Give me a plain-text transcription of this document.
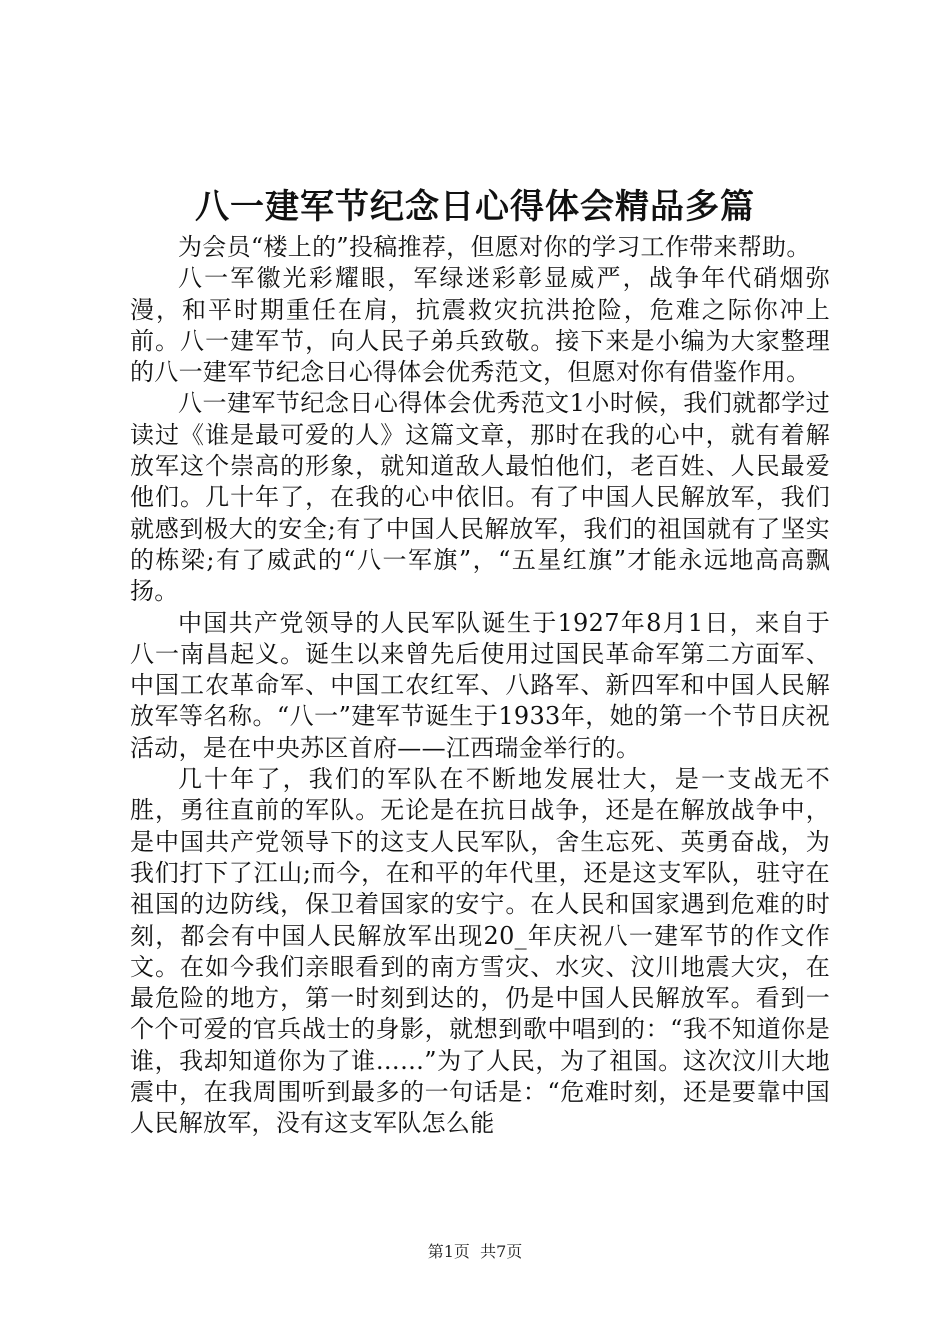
八一建军节纪念日心得体会精品多篇

为会员“楼上的”投稿推荐，但愿对你的学习工作带来帮助。

八一军徽光彩耀眼，军绿迷彩彰显威严，战争年代硝烟弥漫，和平时期重任在肩，抗震救灾抗洪抢险，危难之际你冲上前。八一建军节，向人民子弟兵致敬。接下来是小编为大家整理的八一建军节纪念日心得体会优秀范文，但愿对你有借鉴作用。

八一建军节纪念日心得体会优秀范文1小时候，我们就都学过读过《谁是最可爱的人》这篇文章，那时在我的心中，就有着解放军这个崇高的形象，就知道敌人最怕他们，老百姓、人民最爱他们。几十年了，在我的心中依旧。有了中国人民解放军，我们就感到极大的安全;有了中国人民解放军，我们的祖国就有了坚实的栋梁;有了威武的“八一军旗”，“五星红旗”才能永远地高高飘扬。

中国共产党领导的人民军队诞生于1927年8月1日，来自于八一南昌起义。诞生以来曾先后使用过国民革命军第二方面军、中国工农革命军、中国工农红军、八路军、新四军和中国人民解放军等名称。“八一”建军节诞生于1933年，她的第一个节日庆祝活动，是在中央苏区首府——江西瑞金举行的。

几十年了，我们的军队在不断地发展壮大，是一支战无不胜，勇往直前的军队。无论是在抗日战争，还是在解放战争中，是中国共产党领导下的这支人民军队，舍生忘死、英勇奋战，为我们打下了江山;而今，在和平的年代里，还是这支军队，驻守在祖国的边防线，保卫着国家的安宁。在人民和国家遇到危难的时刻，都会有中国人民解放军出现20_年庆祝八一建军节的作文作文。在如今我们亲眼看到的南方雪灾、水灾、汶川地震大灾，在最危险的地方，第一时刻到达的，仍是中国人民解放军。看到一个个可爱的官兵战士的身影，就想到歌中唱到的：“我不知道你是谁，我却知道你为了谁……”为了人民，为了祖国。这次汶川大地震中，在我周围听到最多的一句话是：“危难时刻，还是要靠中国人民解放军，没有这支军队怎么能

第1页  共7页
